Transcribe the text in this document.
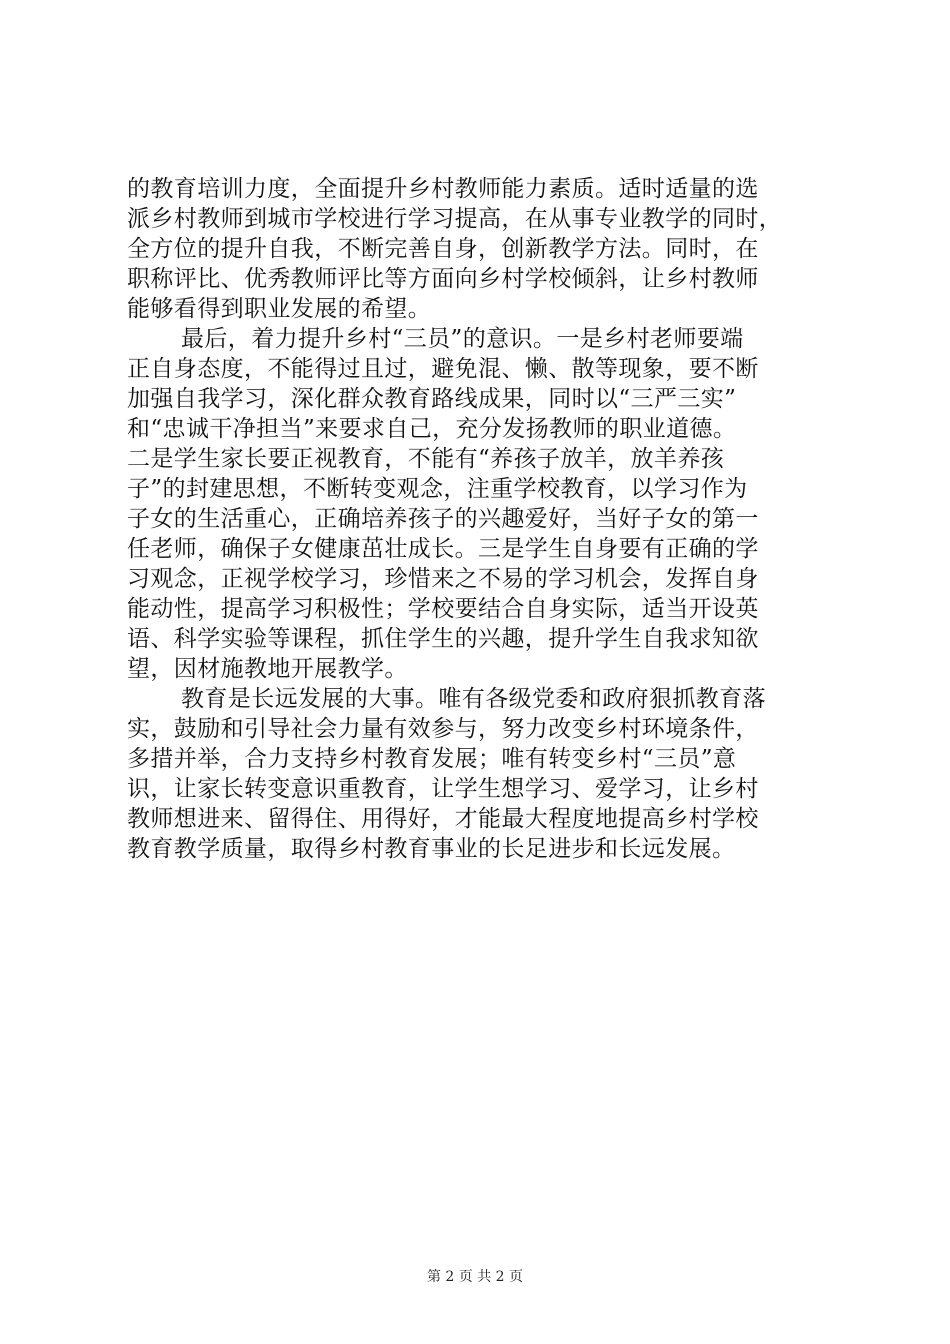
的教育培训力度，全面提升乡村教师能力素质。适时适量的选
派乡村教师到城市学校进行学习提高，在从事专业教学的同时，
全方位的提升自我，不断完善自身，创新教学方法。同时，在
职称评比、优秀教师评比等方面向乡村学校倾斜，让乡村教师
能够看得到职业发展的希望。
最后，着力提升乡村“三员”的意识。一是乡村老师要端
正自身态度，不能得过且过，避免混、懒、散等现象，要不断
加强自我学习，深化群众教育路线成果，同时以“三严三实”
和“忠诚干净担当”来要求自己，充分发扬教师的职业道德。
二是学生家长要正视教育，不能有“养孩子放羊，放羊养孩
子”的封建思想，不断转变观念，注重学校教育，以学习作为
子女的生活重心，正确培养孩子的兴趣爱好，当好子女的第一
任老师，确保子女健康茁壮成长。三是学生自身要有正确的学
习观念，正视学校学习，珍惜来之不易的学习机会，发挥自身
能动性，提高学习积极性；学校要结合自身实际，适当开设英
语、科学实验等课程，抓住学生的兴趣，提升学生自我求知欲
望，因材施教地开展教学。
教育是长远发展的大事。唯有各级党委和政府狠抓教育落
实，鼓励和引导社会力量有效参与，努力改变乡村环境条件，
多措并举，合力支持乡村教育发展；唯有转变乡村“三员”意
识，让家长转变意识重教育，让学生想学习、爱学习，让乡村
教师想进来、留得住、用得好，才能最大程度地提高乡村学校
教育教学质量，取得乡村教育事业的长足进步和长远发展。
第 2 页 共 2 页
